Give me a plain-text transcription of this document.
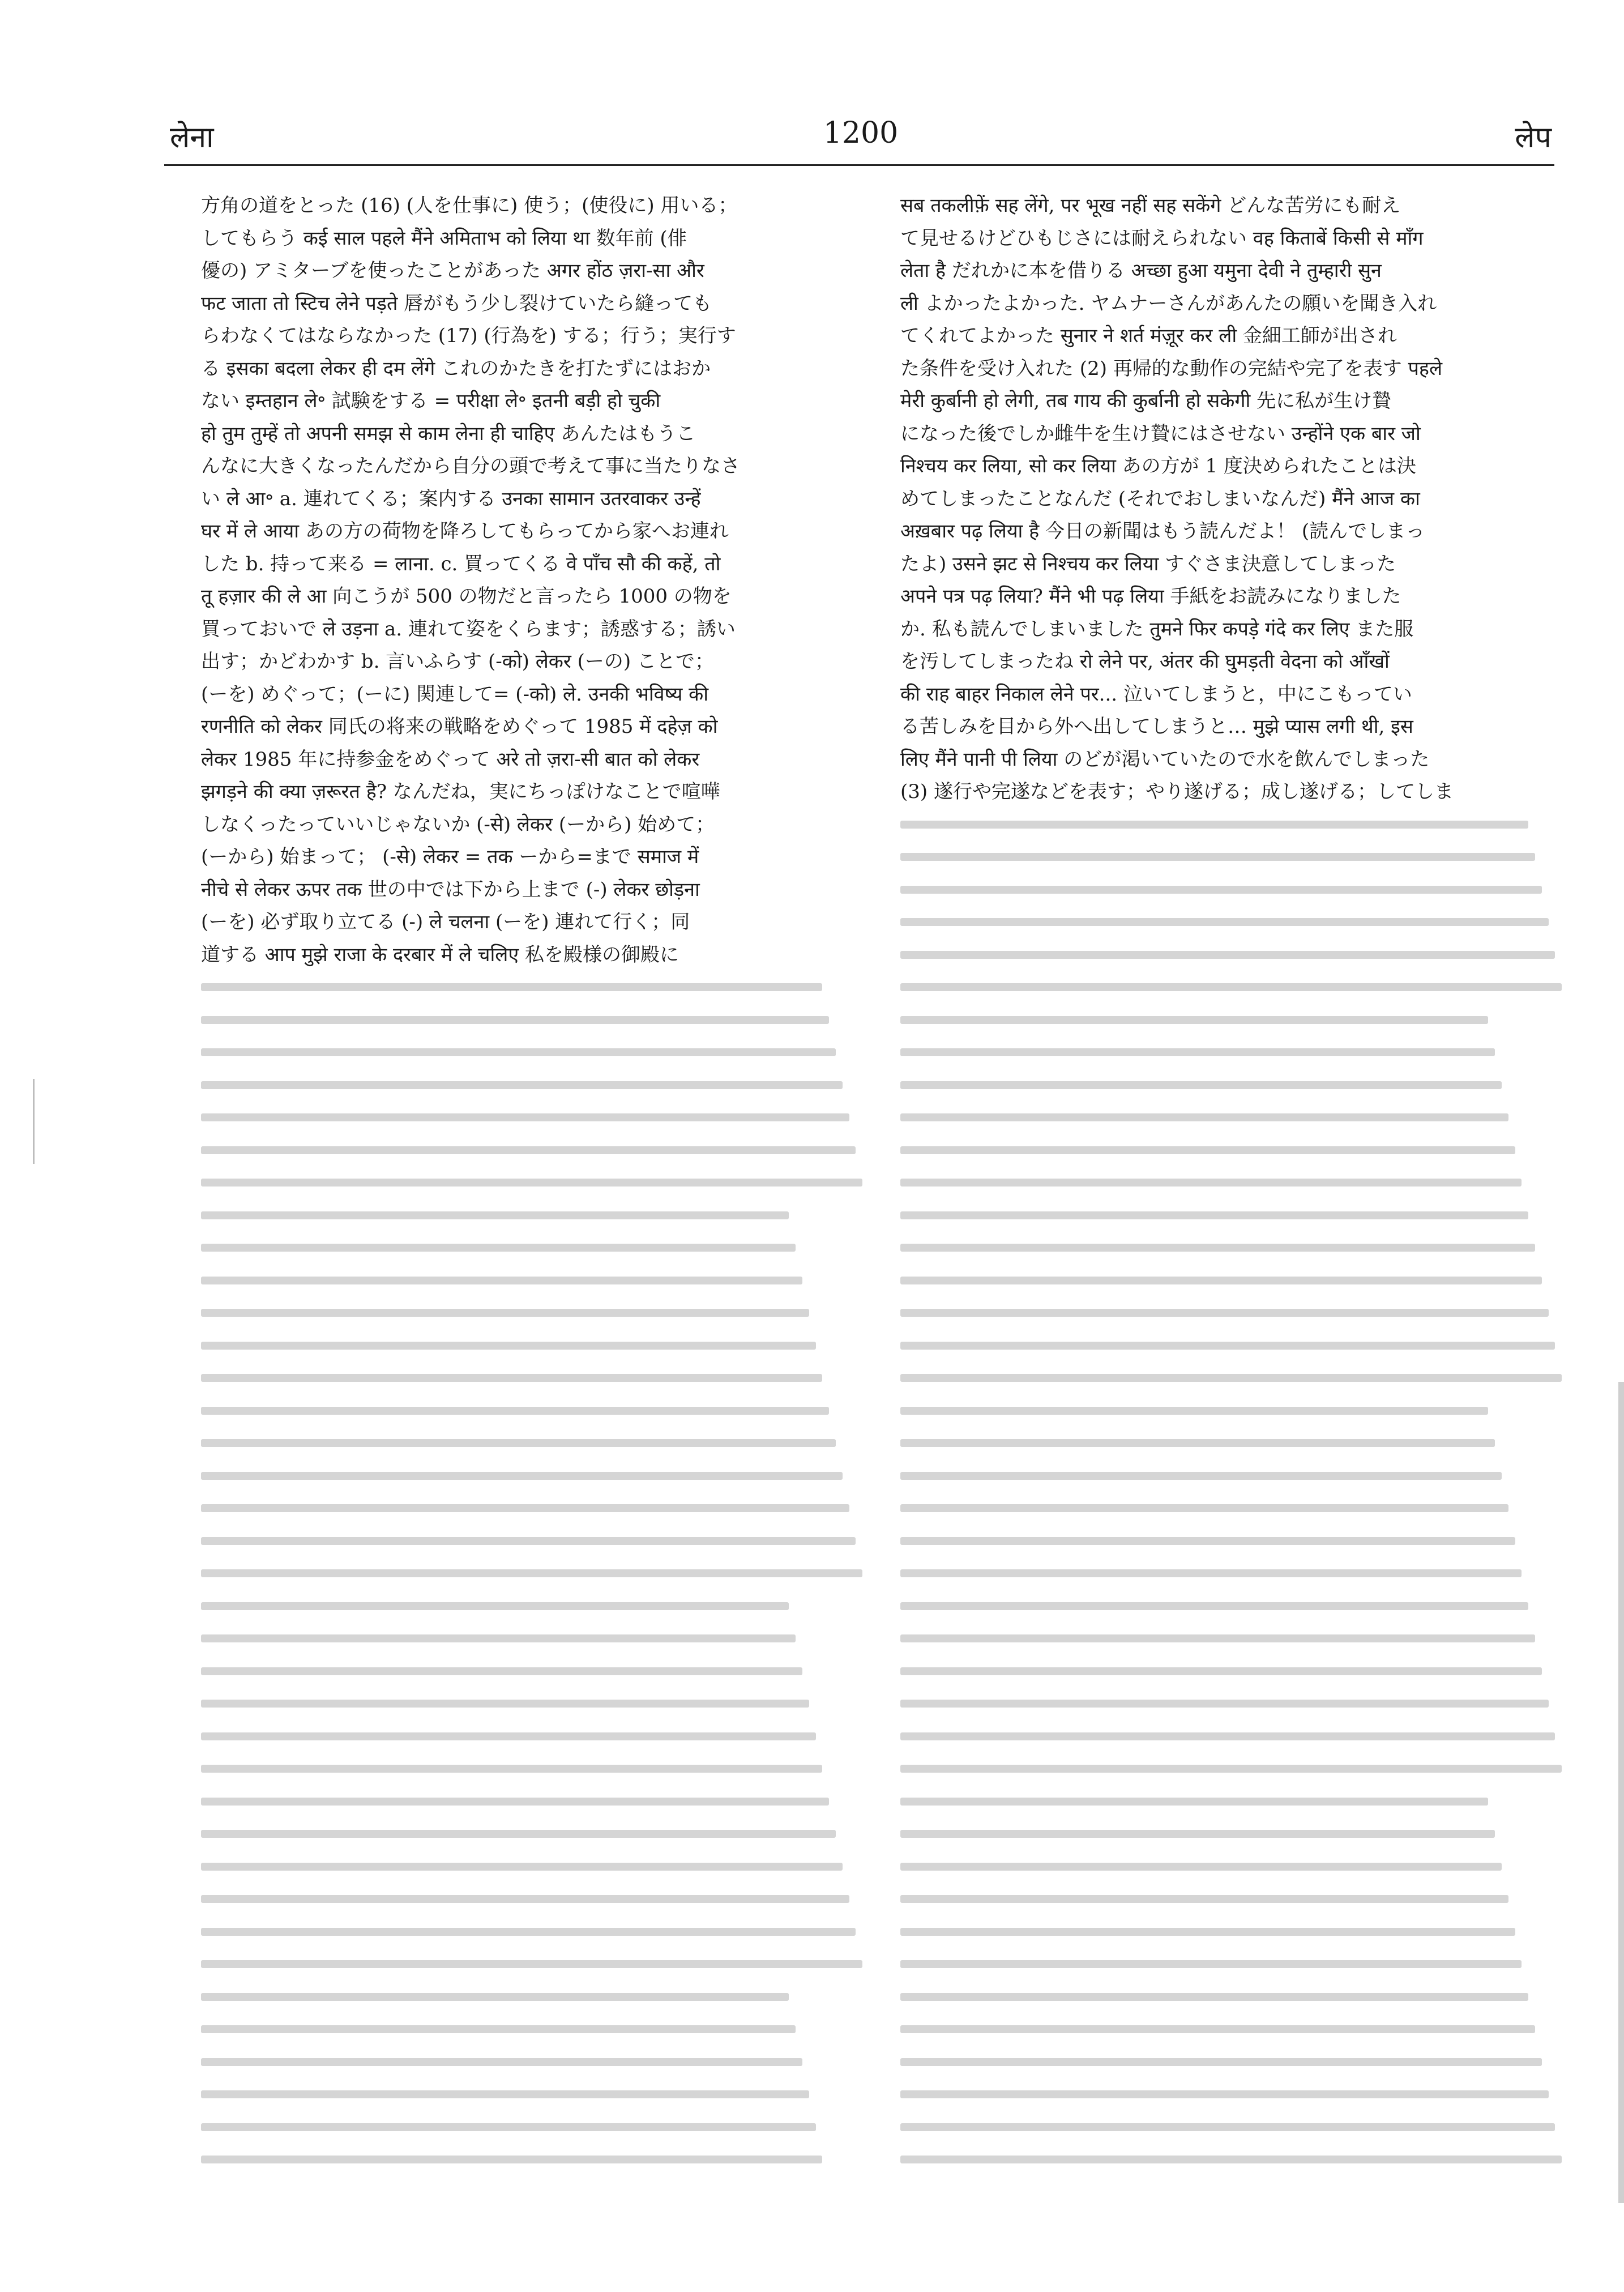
लेना	1200	लेप
方角の道をとった (16) (人を仕事に) 使う；(使役に) 用いる；
してもらう कई साल पहले मैंने अमिताभ को लिया था 数年前 (俳
優の) アミターブを使ったことがあった अगर होंठ ज़रा-सा और
फट जाता तो स्टिच लेने पड़ते 唇がもう少し裂けていたら縫っても
らわなくてはならなかった (17) (行為を) する；行う；実行す
る इसका बदला लेकर ही दम लेंगे これのかたきを打たずにはおか
ない इम्तहान ले॰ 試験をする = परीक्षा ले॰ इतनी बड़ी हो चुकी
हो तुम तुम्हें तो अपनी समझ से काम लेना ही चाहिए あんたはもうこ
んなに大きくなったんだから自分の頭で考えて事に当たりなさ
い ले आ॰ a. 連れてくる；案内する उनका सामान उतरवाकर उन्हें
घर में ले आया あの方の荷物を降ろしてもらってから家へお連れ
した b. 持って来る = लाना. c. 買ってくる वे पाँच सौ की कहें, तो
तू हज़ार की ले आ 向こうが 500 の物だと言ったら 1000 の物を
買っておいで ले उड़ना a. 連れて姿をくらます；誘惑する；誘い
出す；かどわかす b. 言いふらす (-को) लेकर (ーの) ことで；
(ーを) めぐって；(ーに) 関連して= (-को) ले. उनकी भविष्य की
रणनीति को लेकर 同氏の将来の戦略をめぐって 1985 में दहेज़ को
लेकर 1985 年に持参金をめぐって अरे तो ज़रा-सी बात को लेकर
झगड़ने की क्या ज़रूरत है? なんだね，実にちっぽけなことで喧嘩
しなくったっていいじゃないか (-से) लेकर (ーから) 始めて；
(ーから) 始まって； (-से) लेकर = तक ーから=まで समाज में
नीचे से लेकर ऊपर तक 世の中では下から上まで (-) लेकर छोड़ना
(ーを) 必ず取り立てる (-) ले चलना (ーを) 連れて行く；同
道する आप मुझे राजा के दरबार में ले चलिए 私を殿様の御殿に
सब तकलीफ़ें सह लेंगे, पर भूख नहीं सह सकेंगे どんな苦労にも耐え
て見せるけどひもじさには耐えられない वह किताबें किसी से माँग
लेता है だれかに本を借りる अच्छा हुआ यमुना देवी ने तुम्हारी सुन
ली よかったよかった. ヤムナーさんがあんたの願いを聞き入れ
てくれてよかった सुनार ने शर्त मंज़ूर कर ली 金細工師が出され
た条件を受け入れた (2) 再帰的な動作の完結や完了を表す पहले
मेरी कुर्बानी हो लेगी, तब गाय की कुर्बानी हो सकेगी 先に私が生け贄
になった後でしか雌牛を生け贄にはさせない उन्होंने एक बार जो
निश्चय कर लिया, सो कर लिया あの方が 1 度決められたことは決
めてしまったことなんだ (それでおしまいなんだ) मैंने आज का
अख़बार पढ़ लिया है 今日の新聞はもう読んだよ！ (読んでしまっ
たよ) उसने झट से निश्चय कर लिया すぐさま決意してしまった
अपने पत्र पढ़ लिया? मैंने भी पढ़ लिया 手紙をお読みになりました
か. 私も読んでしまいました तुमने फिर कपड़े गंदे कर लिए また服
を汚してしまったね रो लेने पर, अंतर की घुमड़ती वेदना को आँखों
की राह बाहर निकाल लेने पर... 泣いてしまうと，中にこもってい
る苦しみを目から外へ出してしまうと… मुझे प्यास लगी थी, इस
लिए मैंने पानी पी लिया のどが渇いていたので水を飲んでしまった
(3) 遂行や完遂などを表す；やり遂げる；成し遂げる；してしま
